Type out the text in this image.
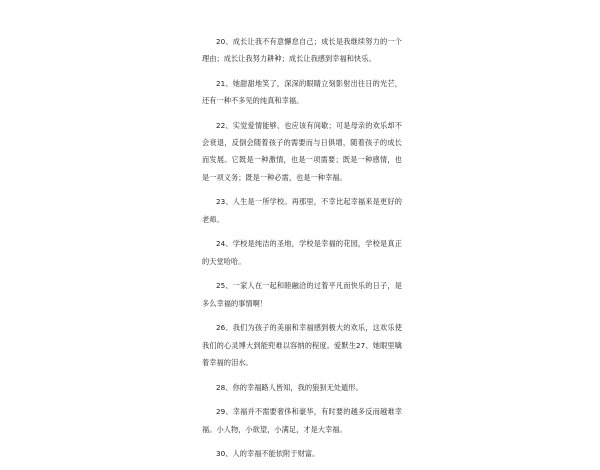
20、成长让我不有意懈怠自己；成长是我继续努力的一个理由；成长让我努力耕种；成长让我感到幸福和快乐。

21、她甜甜地笑了，深深的眼睛立刻影射出往日的光芒，还有一种不多见的纯真和幸福。

22、实觉爱情能够、也应该有间歇；可是母亲的欢乐却不会衰退，反倒会随着孩子的需要而与日俱增，随着孩子的成长而发展。它既是一种激情，也是一项需要；既是一种感情，也是一项义务；既是一种必需，也是一种幸福。

23、人生是一所学校。再那里，不幸比起幸福来是更好的老师。

24、学校是纯洁的圣地，学校是幸福的花园，学校是真正的天堂哈哈。

25、一家人在一起和睦融洽的过着平凡而快乐的日子，是多么幸福的事情啊！

26、我们为孩子的美丽和幸福感到极大的欢乐，这欢乐使我们的心灵博大到能兜难以容纳的程度。爱默生27、她眼里噙着幸福的泪水。

28、你的幸福路人皆知，我的狼狈无处遁形。

29、幸福并不需要奢侈和豪华，有时要的越多反而越难幸福。小人物，小欲望，小满足，才是大幸福。

30、人的幸福不能依附于财富。
